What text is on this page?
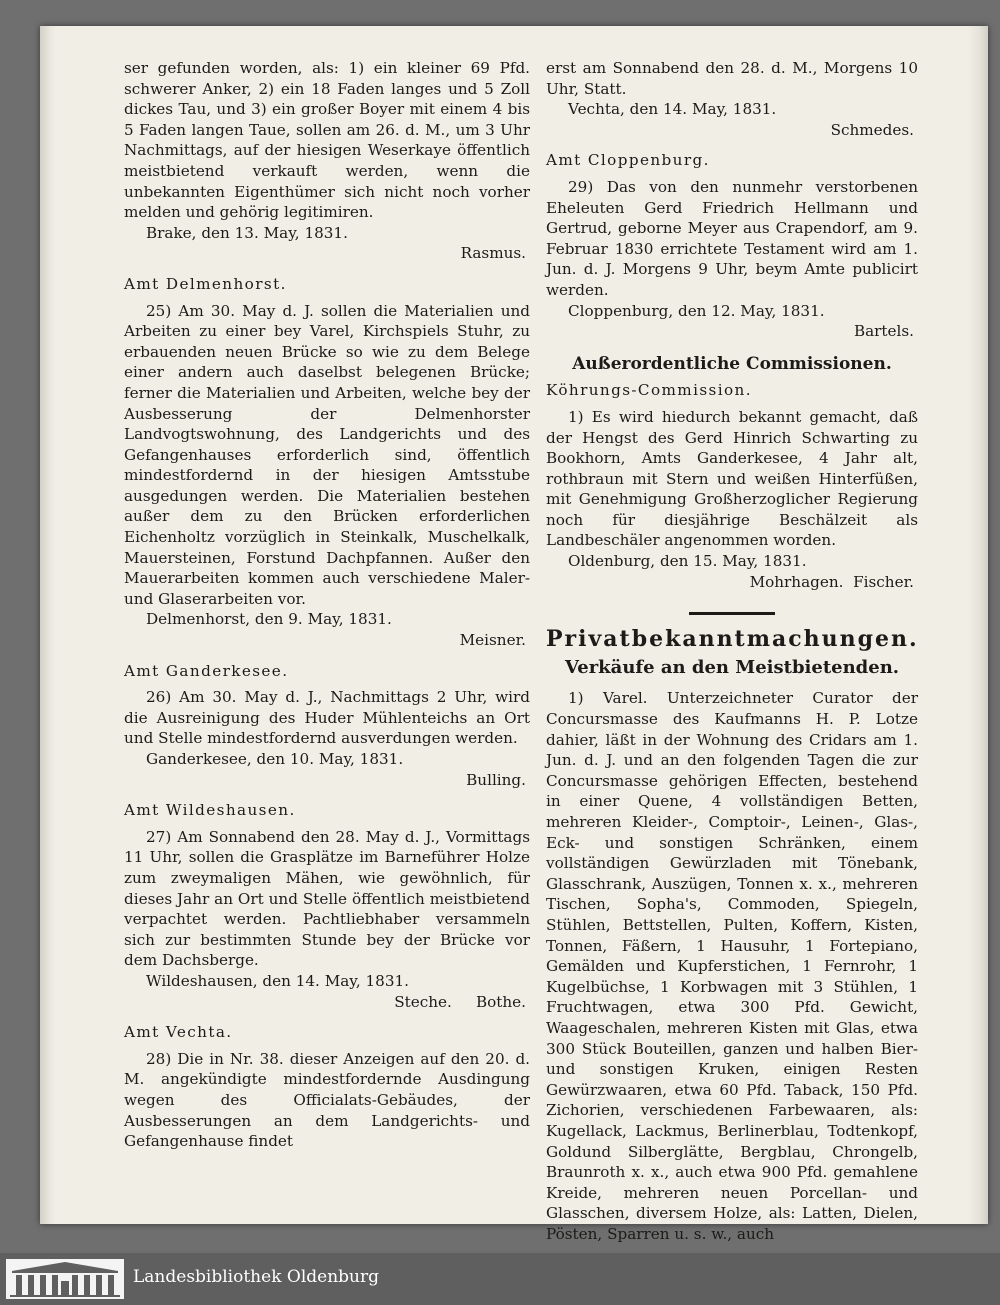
ser gefunden worden, als: 1) ein kleiner 69 Pfd. schwerer Anker, 2) ein 18 Faden langes und 5 Zoll dickes Tau, und 3) ein großer Boyer mit einem 4 bis 5 Faden langen Taue, sollen am 26. d. M., um 3 Uhr Nachmittags, auf der hiesigen Weserkaye öffentlich meistbietend verkauft werden, wenn die unbekannten Eigenthümer sich nicht noch vorher melden und gehörig legitimiren.

Brake, den 13. May, 1831.

Rasmus.

Amt Delmenhorst.

25) Am 30. May d. J. sollen die Materialien und Arbeiten zu einer bey Varel, Kirchspiels Stuhr, zu erbauenden neuen Brücke so wie zu dem Belege einer andern auch daselbst belegenen Brücke; ferner die Materialien und Arbeiten, welche bey der Ausbesserung der Delmenhorster Landvogtswohnung, des Landgerichts und des Gefangenhauses erforderlich sind, öffentlich mindestfordernd in der hiesigen Amtsstube ausgedungen werden. Die Materialien bestehen außer dem zu den Brücken erforderlichen Eichenholtz vorzüglich in Steinkalk, Muschelkalk, Mauersteinen, Forstund Dachpfannen. Außer den Mauerarbeiten kommen auch verschiedene Maler- und Glaserarbeiten vor.

Delmenhorst, den 9. May, 1831.

Meisner.

Amt Ganderkesee.

26) Am 30. May d. J., Nachmittags 2 Uhr, wird die Ausreinigung des Huder Mühlenteichs an Ort und Stelle mindestfordernd ausverdungen werden.

Ganderkesee, den 10. May, 1831.

Bulling.

Amt Wildeshausen.

27) Am Sonnabend den 28. May d. J., Vormittags 11 Uhr, sollen die Grasplätze im Barneführer Holze zum zweymaligen Mähen, wie gewöhnlich, für dieses Jahr an Ort und Stelle öffentlich meistbietend verpachtet werden. Pachtliebhaber versammeln sich zur bestimmten Stunde bey der Brücke vor dem Dachsberge.

Wildeshausen, den 14. May, 1831.

Steche.     Bothe.

Amt Vechta.

28) Die in Nr. 38. dieser Anzeigen auf den 20. d. M. angekündigte mindestfordernde Ausdingung wegen des Officialats-Gebäudes, der Ausbesserungen an dem Landgerichts- und Gefangenhause findet

erst am Sonnabend den 28. d. M., Morgens 10 Uhr, Statt.

Vechta, den 14. May, 1831.

Schmedes.

Amt Cloppenburg.

29) Das von den nunmehr verstorbenen Eheleuten Gerd Friedrich Hellmann und Gertrud, geborne Meyer aus Crapendorf, am 9. Februar 1830 errichtete Testament wird am 1. Jun. d. J. Morgens 9 Uhr, beym Amte publicirt werden.

Cloppenburg, den 12. May, 1831.

Bartels.

Außerordentliche Commissionen.

Köhrungs-Commission.

1) Es wird hiedurch bekannt gemacht, daß der Hengst des Gerd Hinrich Schwarting zu Bookhorn, Amts Ganderkesee, 4 Jahr alt, rothbraun mit Stern und weißen Hinterfüßen, mit Genehmigung Großherzoglicher Regierung noch für diesjährige Beschälzeit als Landbeschäler angenommen worden.

Oldenburg, den 15. May, 1831.

Mohrhagen.  Fischer.

Privatbekanntmachungen.

Verkäufe an den Meistbietenden.

1) Varel. Unterzeichneter Curator der Concursmasse des Kaufmanns H. P. Lotze dahier, läßt in der Wohnung des Cridars am 1. Jun. d. J. und an den folgenden Tagen die zur Concursmasse gehörigen Effecten, bestehend in einer Quene, 4 vollständigen Betten, mehreren Kleider-, Comptoir-, Leinen-, Glas-, Eck- und sonstigen Schränken, einem vollständigen Gewürzladen mit Tönebank, Glasschrank, Auszügen, Tonnen x. x., mehreren Tischen, Sopha's, Commoden, Spiegeln, Stühlen, Bettstellen, Pulten, Koffern, Kisten, Tonnen, Fäßern, 1 Hausuhr, 1 Fortepiano, Gemälden und Kupferstichen, 1 Fernrohr, 1 Kugelbüchse, 1 Korbwagen mit 3 Stühlen, 1 Fruchtwagen, etwa 300 Pfd. Gewicht, Waageschalen, mehreren Kisten mit Glas, etwa 300 Stück Bouteillen, ganzen und halben Bier- und sonstigen Kruken, einigen Resten Gewürzwaaren, etwa 60 Pfd. Taback, 150 Pfd. Zichorien, verschiedenen Farbewaaren, als: Kugellack, Lackmus, Berlinerblau, Todtenkopf, Goldund Silberglätte, Bergblau, Chrongelb, Braunroth x. x., auch etwa 900 Pfd. gemahlene Kreide, mehreren neuen Porcellan- und Glasschen, diversem Holze, als: Latten, Dielen, Pösten, Sparren u. s. w., auch

Landesbibliothek Oldenburg
